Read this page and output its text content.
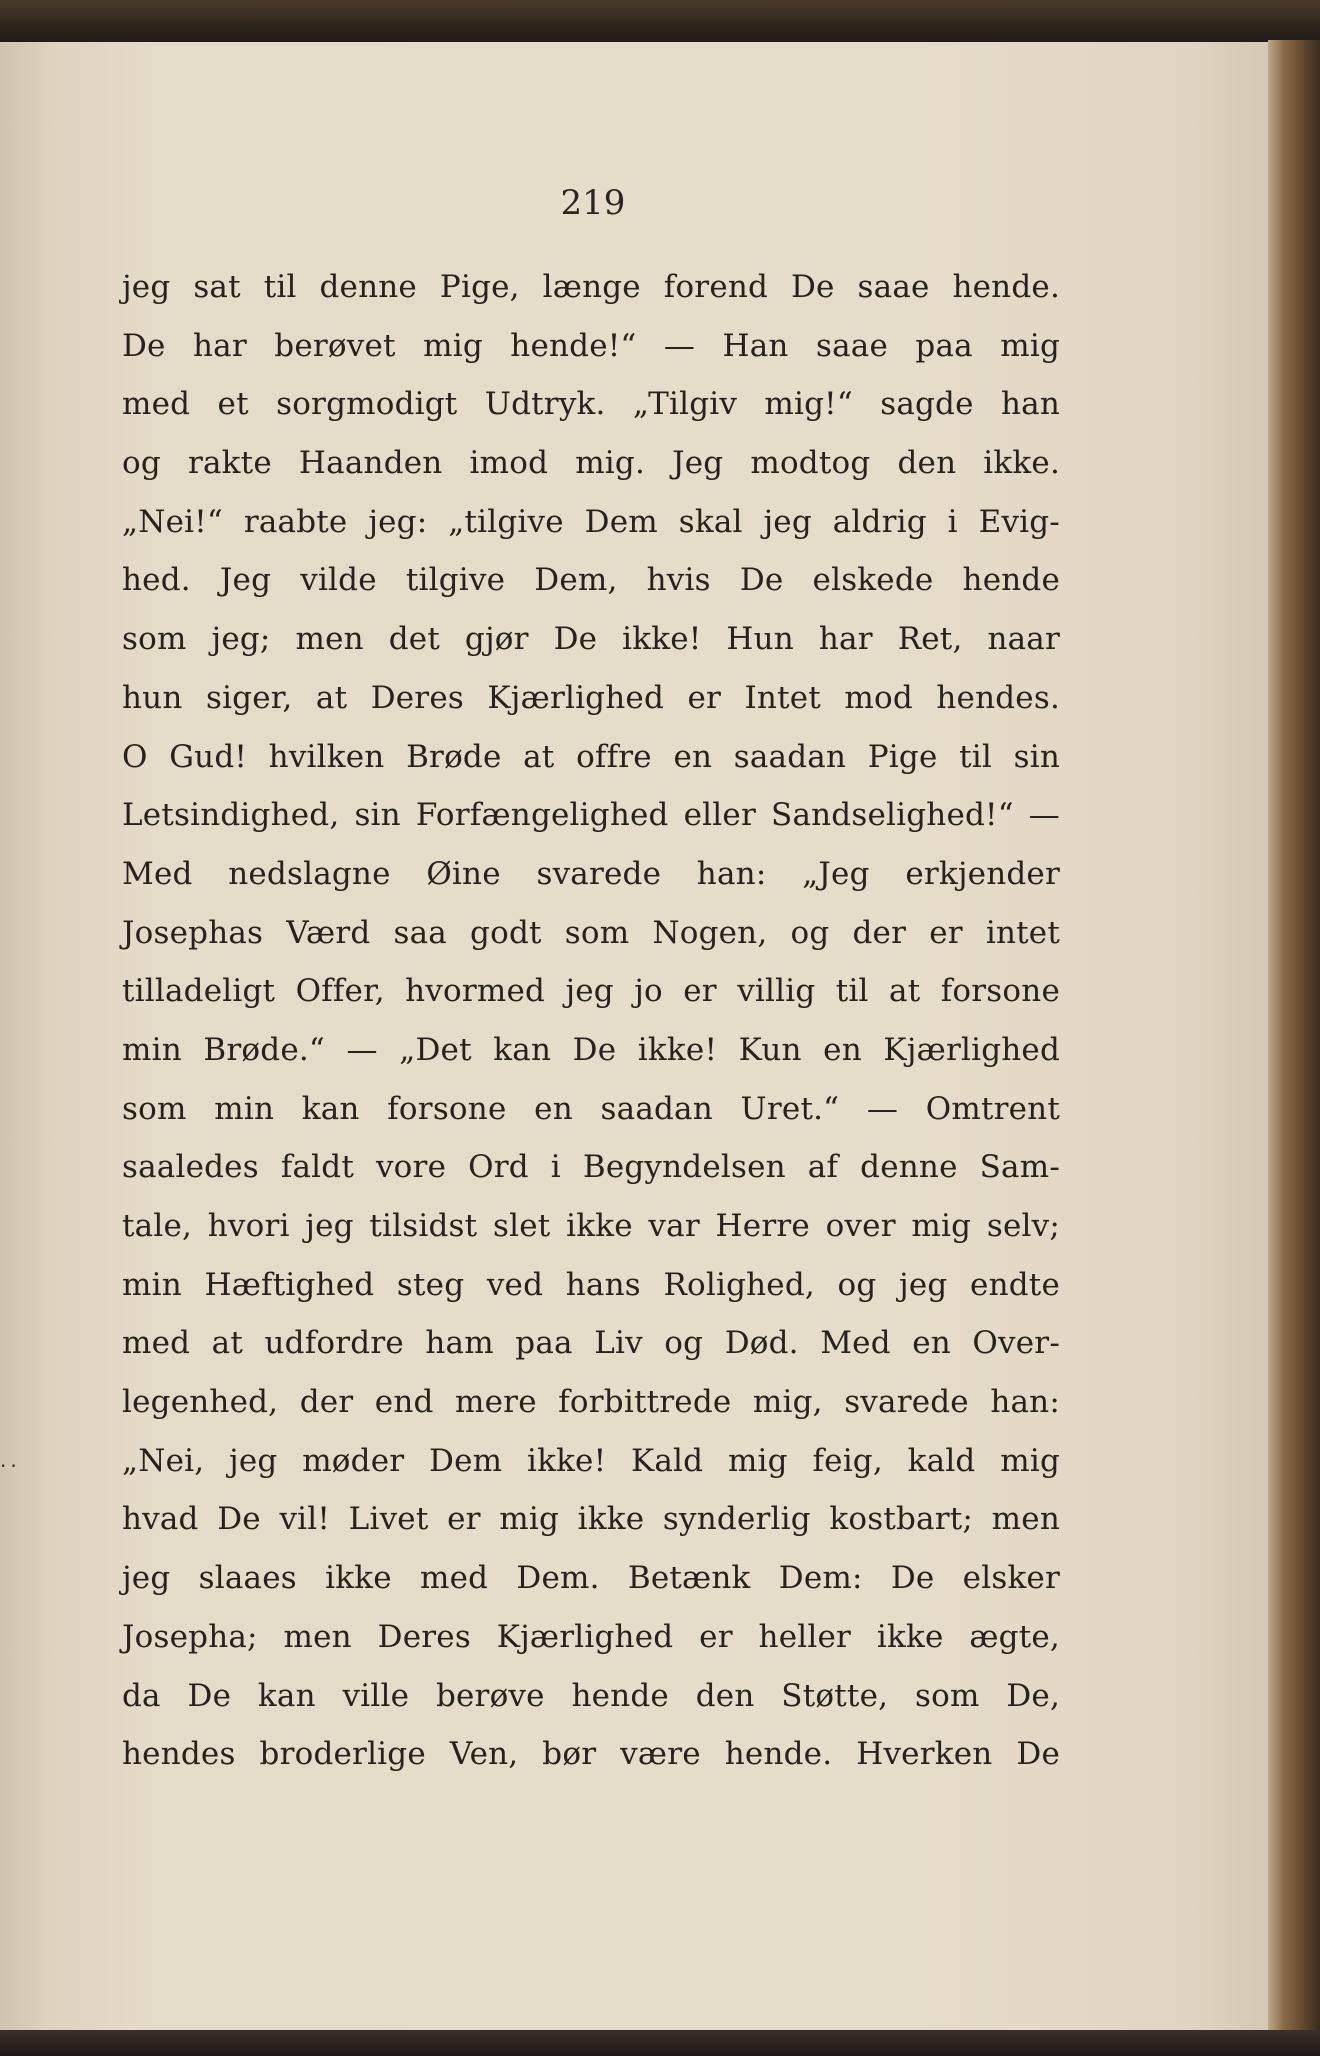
219
..
jeg sat til denne Pige, længe forend De saae hende.
De har berøvet mig hende!“ — Han saae paa mig
med et sorgmodigt Udtryk. „Tilgiv mig!“ sagde han
og rakte Haanden imod mig. Jeg modtog den ikke.
„Nei!“ raabte jeg: „tilgive Dem skal jeg aldrig i Evig-
hed. Jeg vilde tilgive Dem, hvis De elskede hende
som jeg; men det gjør De ikke! Hun har Ret, naar
hun siger, at Deres Kjærlighed er Intet mod hendes.
O Gud! hvilken Brøde at offre en saadan Pige til sin
Letsindighed, sin Forfængelighed eller Sandselighed!“ —
Med nedslagne Øine svarede han: „Jeg erkjender
Josephas Værd saa godt som Nogen, og der er intet
tilladeligt Offer, hvormed jeg jo er villig til at forsone
min Brøde.“ — „Det kan De ikke! Kun en Kjærlighed
som min kan forsone en saadan Uret.“ — Omtrent
saaledes faldt vore Ord i Begyndelsen af denne Sam-
tale, hvori jeg tilsidst slet ikke var Herre over mig selv;
min Hæftighed steg ved hans Rolighed, og jeg endte
med at udfordre ham paa Liv og Død. Med en Over-
legenhed, der end mere forbittrede mig, svarede han:
„Nei, jeg møder Dem ikke! Kald mig feig, kald mig
hvad De vil! Livet er mig ikke synderlig kostbart; men
jeg slaaes ikke med Dem. Betænk Dem: De elsker
Josepha; men Deres Kjærlighed er heller ikke ægte,
da De kan ville berøve hende den Støtte, som De,
hendes broderlige Ven, bør være hende. Hverken De
